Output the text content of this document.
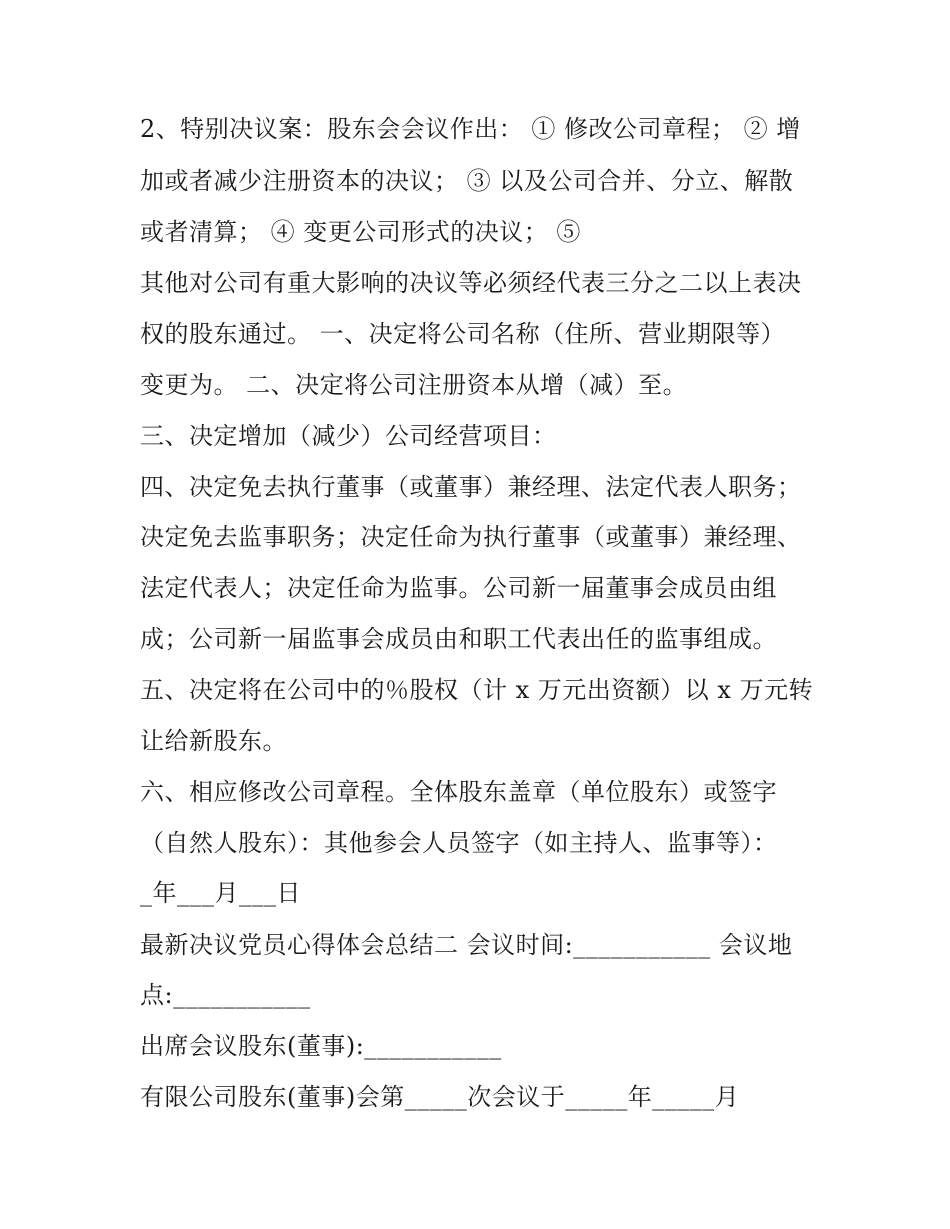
2、特别决议案：股东会会议作出： ① 修改公司章程； ② 增
加或者减少注册资本的决议； ③ 以及公司合并、分立、解散
或者清算； ④ 变更公司形式的决议； ⑤
其他对公司有重大影响的决议等必须经代表三分之二以上表决
权的股东通过。 一、决定将公司名称（住所、营业期限等）
变更为。 二、决定将公司注册资本从增（减）至。
三、决定增加（减少）公司经营项目：
四、决定免去执行董事（或董事）兼经理、法定代表人职务；
决定免去监事职务；决定任命为执行董事（或董事）兼经理、
法定代表人；决定任命为监事。公司新一届董事会成员由组
成；公司新一届监事会成员由和职工代表出任的监事组成。
五、决定将在公司中的％股权（计 x 万元出资额）以 x 万元转
让给新股东。
六、相应修改公司章程。全体股东盖章（单位股东）或签字
（自然人股东）：其他参会人员签字（如主持人、监事等）：
_年___月___日
最新决议党员心得体会总结二 会议时间:___________ 会议地
点:___________
出席会议股东(董事):___________
有限公司股东(董事)会第_____次会议于_____年_____月
